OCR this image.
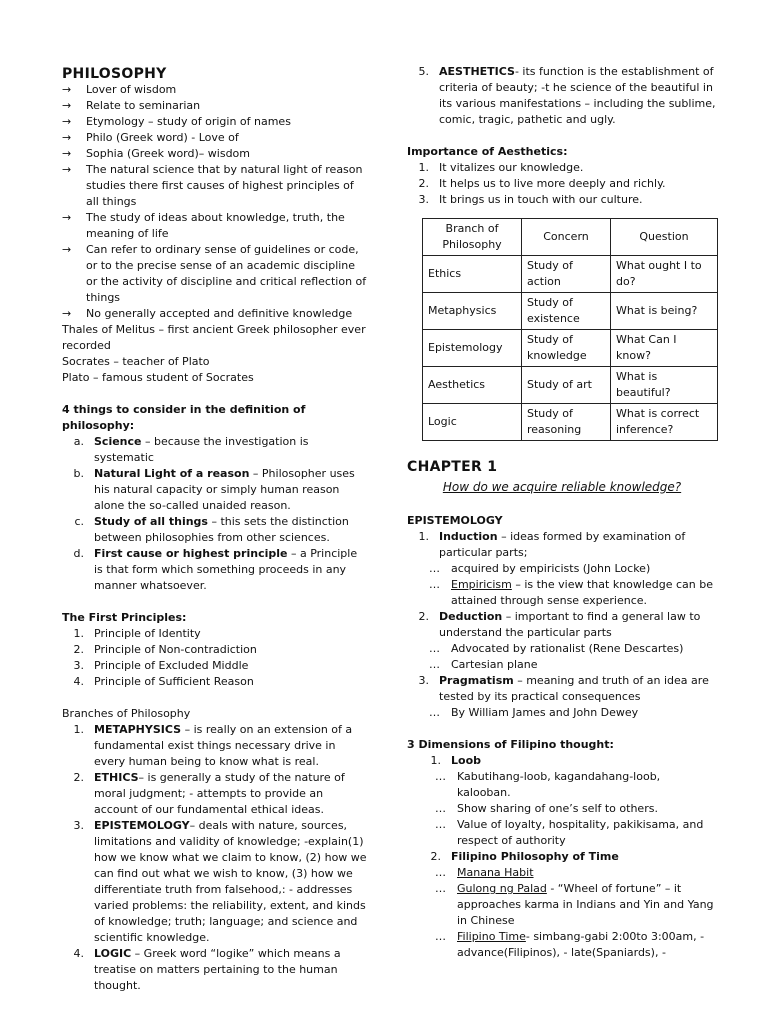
PHILOSOPHY
→	Lover of wisdom
→	Relate to seminarian
→	Etymology – study of origin of names
→	Philo (Greek word) - Love of
→	Sophia (Greek word)– wisdom
→	The natural science that by natural light of reason studies there first causes of highest principles of all things
→	The study of ideas about knowledge, truth, the meaning of life
→	Can refer to ordinary sense of guidelines or code, or to the precise sense of an academic discipline or the activity of discipline and critical reflection of things
→	No generally accepted and definitive knowledge
Thales of Melitus – first ancient Greek philosopher ever recorded
Socrates – teacher of Plato
Plato – famous student of Socrates
4 things to consider in the definition of philosophy:
a. Science – because the investigation is systematic
b. Natural Light of a reason – Philosopher uses his natural capacity or simply human reason alone the so-called unaided reason.
c. Study of all things – this sets the distinction between philosophies from other sciences.
d. First cause or highest principle – a Principle is that form which something proceeds in any manner whatsoever.
The First Principles:
1. Principle of Identity
2. Principle of Non-contradiction
3. Principle of Excluded Middle
4. Principle of Sufficient Reason
Branches of Philosophy
1. METAPHYSICS – is really on an extension of a fundamental exist things necessary drive in every human being to know what is real.
2. ETHICS– is generally a study of the nature of moral judgment; - attempts to provide an account of our fundamental ethical ideas.
3. EPISTEMOLOGY– deals with nature, sources, limitations and validity of knowledge; -explain(1) how we know what we claim to know, (2) how we can find out what we wish to know, (3) how we differentiate truth from falsehood,: - addresses varied problems: the reliability, extent, and kinds of knowledge; truth; language; and science and scientific knowledge.
4. LOGIC – Greek word “logike” which means a treatise on matters pertaining to the human thought.
5. AESTHETICS- its function is the establishment of criteria of beauty; -t he science of the beautiful in its various manifestations – including the sublime, comic, tragic, pathetic and ugly.
Importance of Aesthetics:
1. It vitalizes our knowledge.
2. It helps us to live more deeply and richly.
3. It brings us in touch with our culture.
Branch of Philosophy	Concern	Question
Ethics	Study of action	What ought I to do?
Metaphysics	Study of existence	What is being?
Epistemology	Study of knowledge	What Can I know?
Aesthetics	Study of art	What is beautiful?
Logic	Study of reasoning	What is correct inference?
CHAPTER 1
How do we acquire reliable knowledge?
EPISTEMOLOGY
1. Induction – ideas formed by examination of particular parts;
…	acquired by empiricists (John Locke)
…	Empiricism – is the view that knowledge can be attained through sense experience.
2. Deduction – important to find a general law to understand the particular parts
…	Advocated by rationalist (Rene Descartes)
…	Cartesian plane
3. Pragmatism – meaning and truth of an idea are tested by its practical consequences
…	By William James and John Dewey
3 Dimensions of Filipino thought:
1. Loob
…	Kabutihang-loob, kagandahang-loob, kalooban.
…	Show sharing of one’s self to others.
…	Value of loyalty, hospitality, pakikisama, and respect of authority
2. Filipino Philosophy of Time
…	Manana Habit
…	Gulong ng Palad - “Wheel of fortune” – it approaches karma in Indians and Yin and Yang in Chinese
…	Filipino Time- simbang-gabi 2:00to 3:00am, - advance(Filipinos), - late(Spaniards), -
